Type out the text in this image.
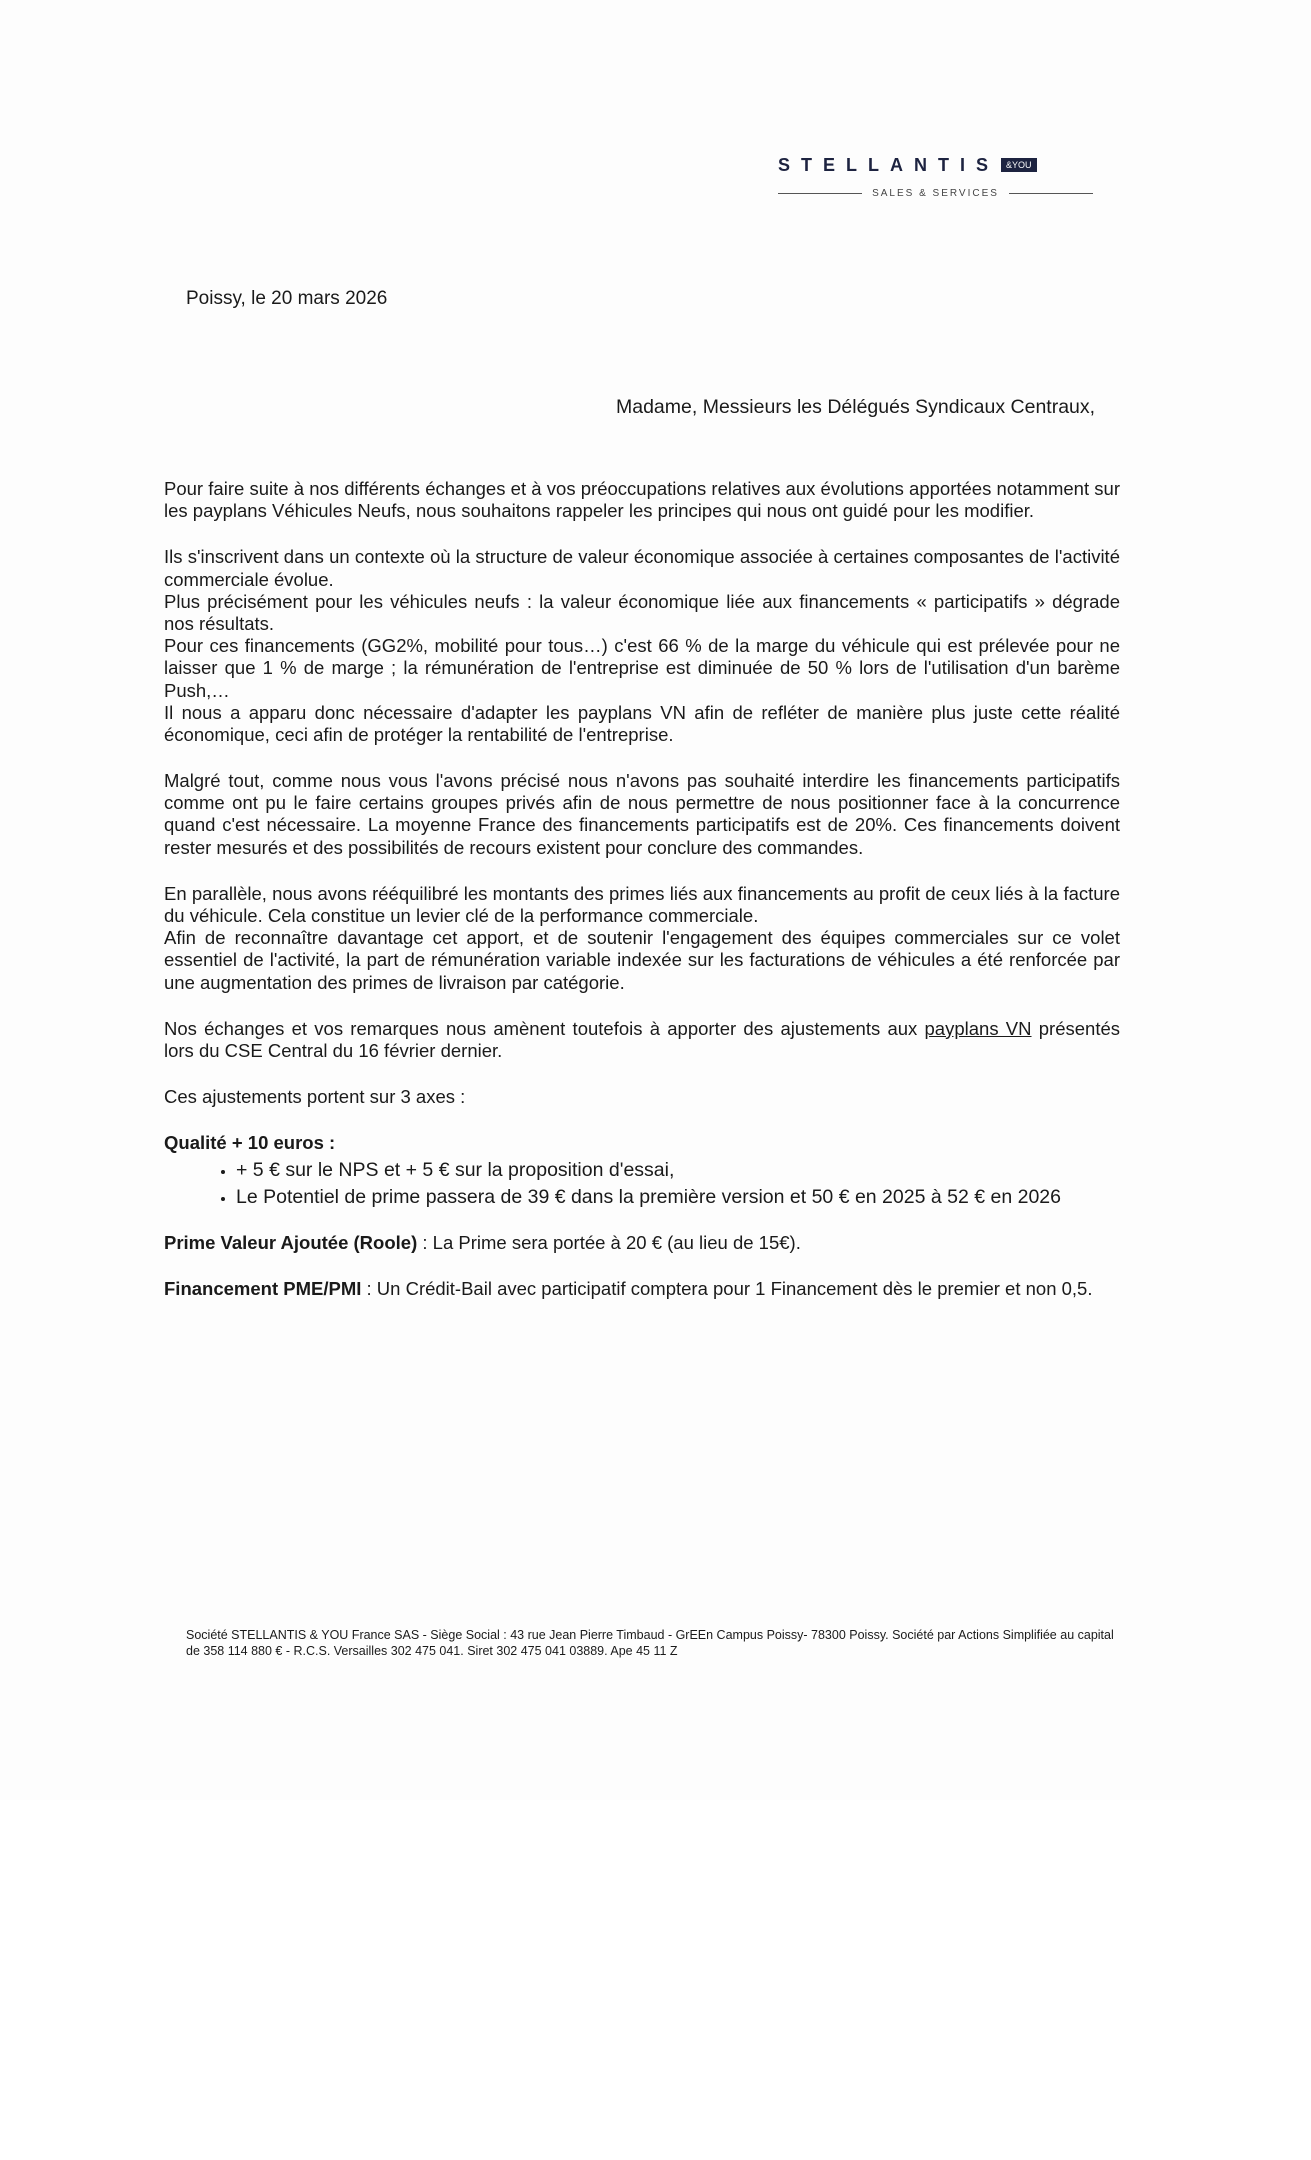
STELLANTIS &YOU
SALES & SERVICES
Poissy, le 20 mars 2026
Madame, Messieurs les Délégués Syndicaux Centraux,

Pour faire suite à nos différents échanges et à vos préoccupations relatives aux évolutions apportées notamment sur les payplans Véhicules Neufs, nous souhaitons rappeler les principes qui nous ont guidé pour les modifier.

Ils s'inscrivent dans un contexte où la structure de valeur économique associée à certaines composantes de l'activité commerciale évolue.

Plus précisément pour les véhicules neufs : la valeur économique liée aux financements « participatifs » dégrade nos résultats.

Pour ces financements (GG2%, mobilité pour tous…) c'est 66 % de la marge du véhicule qui est prélevée pour ne laisser que 1 % de marge ; la rémunération de l'entreprise est diminuée de 50 % lors de l'utilisation d'un barème Push,…

Il nous a apparu donc nécessaire d'adapter les payplans VN afin de refléter de manière plus juste cette réalité économique, ceci afin de protéger la rentabilité de l'entreprise.

Malgré tout, comme nous vous l'avons précisé nous n'avons pas souhaité interdire les financements participatifs comme ont pu le faire certains groupes privés afin de nous permettre de nous positionner face à la concurrence quand c'est nécessaire. La moyenne France des financements participatifs est de 20%. Ces financements doivent rester mesurés et des possibilités de recours existent pour conclure des commandes.

En parallèle, nous avons rééquilibré les montants des primes liés aux financements au profit de ceux liés à la facture du véhicule. Cela constitue un levier clé de la performance commerciale.

Afin de reconnaître davantage cet apport, et de soutenir l'engagement des équipes commerciales sur ce volet essentiel de l'activité, la part de rémunération variable indexée sur les facturations de véhicules a été renforcée par une augmentation des primes de livraison par catégorie.

Nos échanges et vos remarques nous amènent toutefois à apporter des ajustements aux payplans VN présentés lors du CSE Central du 16 février dernier.

Ces ajustements portent sur 3 axes :

Qualité + 10 euros :

• + 5 € sur le NPS et + 5 € sur la proposition d'essai,
• Le Potentiel de prime passera de 39 € dans la première version et 50 € en 2025 à 52 € en 2026

Prime Valeur Ajoutée (Roole) : La Prime sera portée à 20 € (au lieu de 15€).

Financement PME/PMI : Un Crédit-Bail avec participatif comptera pour 1 Financement dès le premier et non 0,5.

Société STELLANTIS & YOU France SAS - Siège Social : 43 rue Jean Pierre Timbaud - GrEEn Campus Poissy- 78300 Poissy. Société par Actions Simplifiée au capital de 358 114 880 € - R.C.S. Versailles 302 475 041. Siret 302 475 041 03889. Ape 45 11 Z
